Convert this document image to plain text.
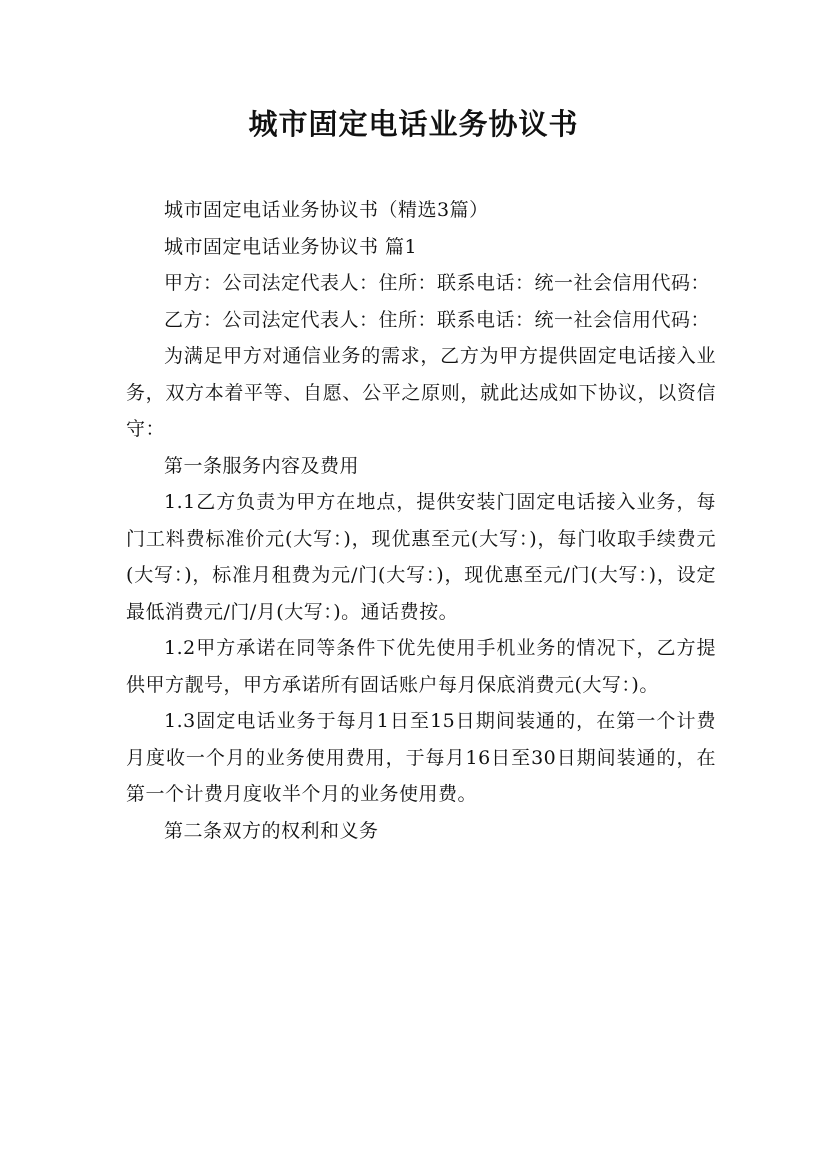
城市固定电话业务协议书

城市固定电话业务协议书（精选3篇）

城市固定电话业务协议书 篇1

甲方：公司法定代表人：住所：联系电话：统一社会信用代码：

乙方：公司法定代表人：住所：联系电话：统一社会信用代码：

为满足甲方对通信业务的需求，乙方为甲方提供固定电话接入业务，双方本着平等、自愿、公平之原则，就此达成如下协议，以资信守：

第一条服务内容及费用

1.1乙方负责为甲方在地点，提供安装门固定电话接入业务，每门工料费标准价元(大写：)，现优惠至元(大写：)，每门收取手续费元(大写：)，标准月租费为元/门(大写：)，现优惠至元/门(大写：)，设定最低消费元/门/月(大写：)。通话费按。

1.2甲方承诺在同等条件下优先使用手机业务的情况下，乙方提供甲方靓号，甲方承诺所有固话账户每月保底消费元(大写：)。

1.3固定电话业务于每月1日至15日期间装通的，在第一个计费月度收一个月的业务使用费用，于每月16日至30日期间装通的，在第一个计费月度收半个月的业务使用费。

第二条双方的权利和义务
